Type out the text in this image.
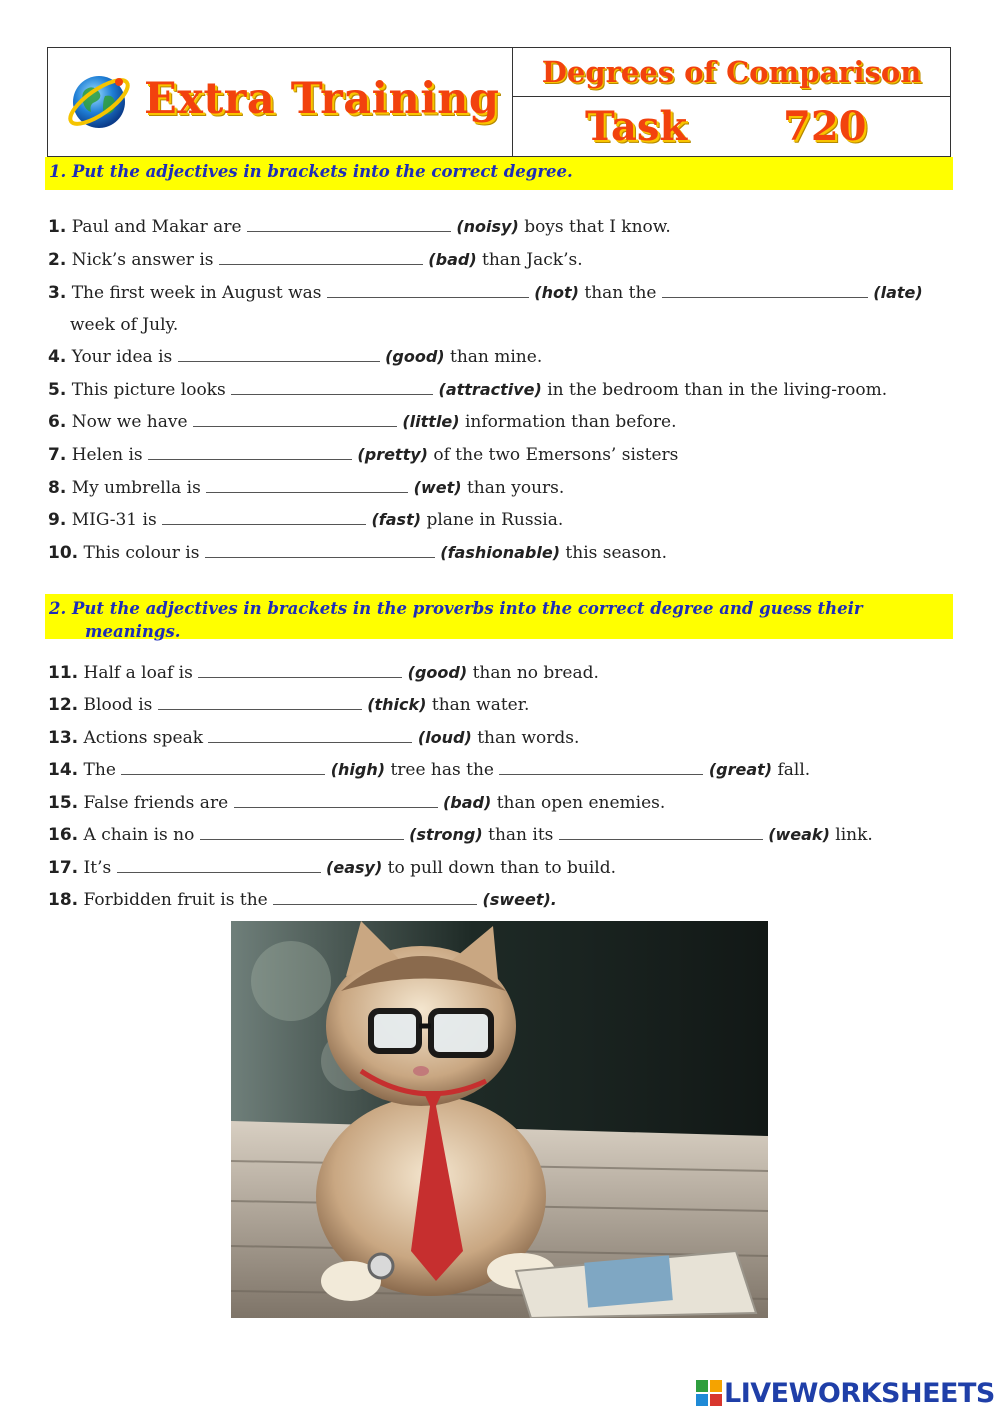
Extra Training
Degrees of Comparison
Task 720
1. Put the adjectives in brackets into the correct degree.
1. Paul and Makar are	(noisy) boys that I know.
2. Nick’s answer is	(bad) than Jack’s.
3. The first week in August was	(hot) than the	(late)
week of July.
4. Your idea is	(good) than mine.
5. This picture looks	(attractive) in the bedroom than in the living-room.
6. Now we have	(little) information than before.
7. Helen is	(pretty) of the two Emersons’ sisters
8. My umbrella is	(wet) than yours.
9. MIG-31 is	(fast) plane in Russia.
10. This colour is	(fashionable) this season.
2. Put the adjectives in brackets in the proverbs into the correct degree and guess their
meanings.
11. Half a loaf is	(good) than no bread.
12. Blood is	(thick) than water.
13. Actions speak	(loud) than words.
14. The	(high) tree has the	(great) fall.
15. False friends are	(bad) than open enemies.
16. A chain is no	(strong) than its	(weak) link.
17. It’s	(easy) to pull down than to build.
18. Forbidden fruit is the	(sweet).
LIVEWORKSHEETS
